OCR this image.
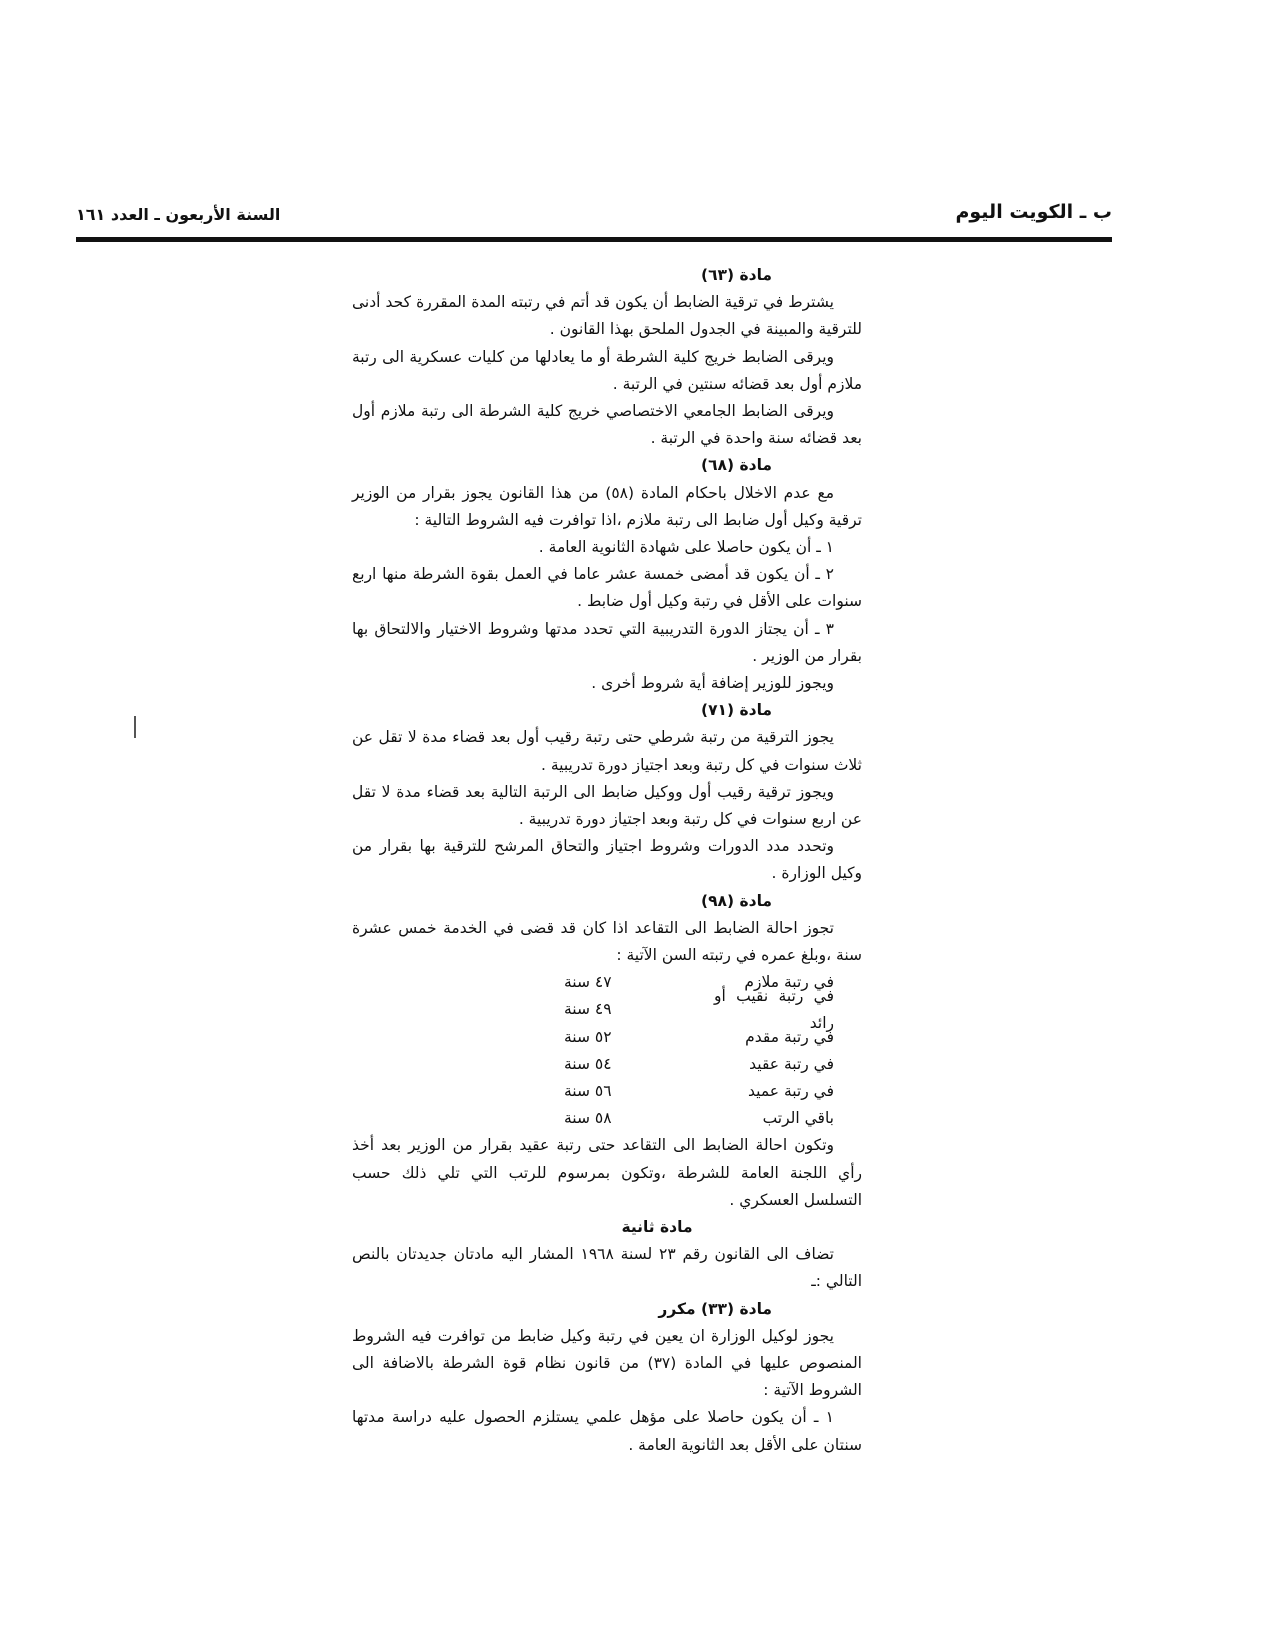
ب ـ الكويت اليوم
السنة الأربعون ـ العدد ١٦١

مادة (٦٣)

يشترط في ترقية الضابط أن يكون قد أتم في رتبته المدة المقررة كحد أدنى للترقية والمبينة في الجدول الملحق بهذا القانون .

ويرقى الضابط خريج كلية الشرطة أو ما يعادلها من كليات عسكرية الى رتبة ملازم أول بعد قضائه سنتين في الرتبة .

ويرقى الضابط الجامعي الاختصاصي خريج كلية الشرطة الى رتبة ملازم أول بعد قضائه سنة واحدة في الرتبة .

مادة (٦٨)

مع عدم الاخلال باحكام المادة (٥٨) من هذا القانون يجوز بقرار من الوزير ترقية وكيل أول ضابط الى رتبة ملازم ،اذا توافرت فيه الشروط التالية :

١ ـ أن يكون حاصلا على شهادة الثانوية العامة .

٢ ـ أن يكون قد أمضى خمسة عشر عاما في العمل بقوة الشرطة منها اربع سنوات على الأقل في رتبة وكيل أول ضابط .

٣ ـ أن يجتاز الدورة التدريبية التي تحدد مدتها وشروط الاختيار والالتحاق بها بقرار من الوزير .

ويجوز للوزير إضافة أية شروط أخرى .

مادة (٧١)

يجوز الترقية من رتبة شرطي حتى رتبة رقيب أول بعد قضاء مدة لا تقل عن ثلاث سنوات في كل رتبة وبعد اجتياز دورة تدريبية .

ويجوز ترقية رقيب أول ووكيل ضابط الى الرتبة التالية بعد قضاء مدة لا تقل عن اربع سنوات في كل رتبة وبعد اجتياز دورة تدريبية .

وتحدد مدد الدورات وشروط اجتياز والتحاق المرشح للترقية بها بقرار من وكيل الوزارة .

مادة (٩٨)

تجوز احالة الضابط الى التقاعد اذا كان قد قضى في الخدمة خمس عشرة سنة ،وبلغ عمره في رتبته السن الآتية :

في رتبة ملازم
٤٧ سنة
في رتبة نقيب أو رائد
٤٩ سنة
في رتبة مقدم
٥٢ سنة
في رتبة عقيد
٥٤ سنة
في رتبة عميد
٥٦ سنة
باقي الرتب
٥٨ سنة

وتكون احالة الضابط الى التقاعد حتى رتبة عقيد بقرار من الوزير بعد أخذ رأي اللجنة العامة للشرطة ،وتكون بمرسوم للرتب التي تلي ذلك حسب التسلسل العسكري .

مادة ثانية

تضاف الى القانون رقم ٢٣ لسنة ١٩٦٨ المشار اليه مادتان جديدتان بالنص التالي :ـ

مادة (٣٣) مكرر

يجوز لوكيل الوزارة ان يعين في رتبة وكيل ضابط من توافرت فيه الشروط المنصوص عليها في المادة (٣٧) من قانون نظام قوة الشرطة بالاضافة الى الشروط الآتية :

١ ـ أن يكون حاصلا على مؤهل علمي يستلزم الحصول عليه دراسة مدتها سنتان على الأقل بعد الثانوية العامة .
